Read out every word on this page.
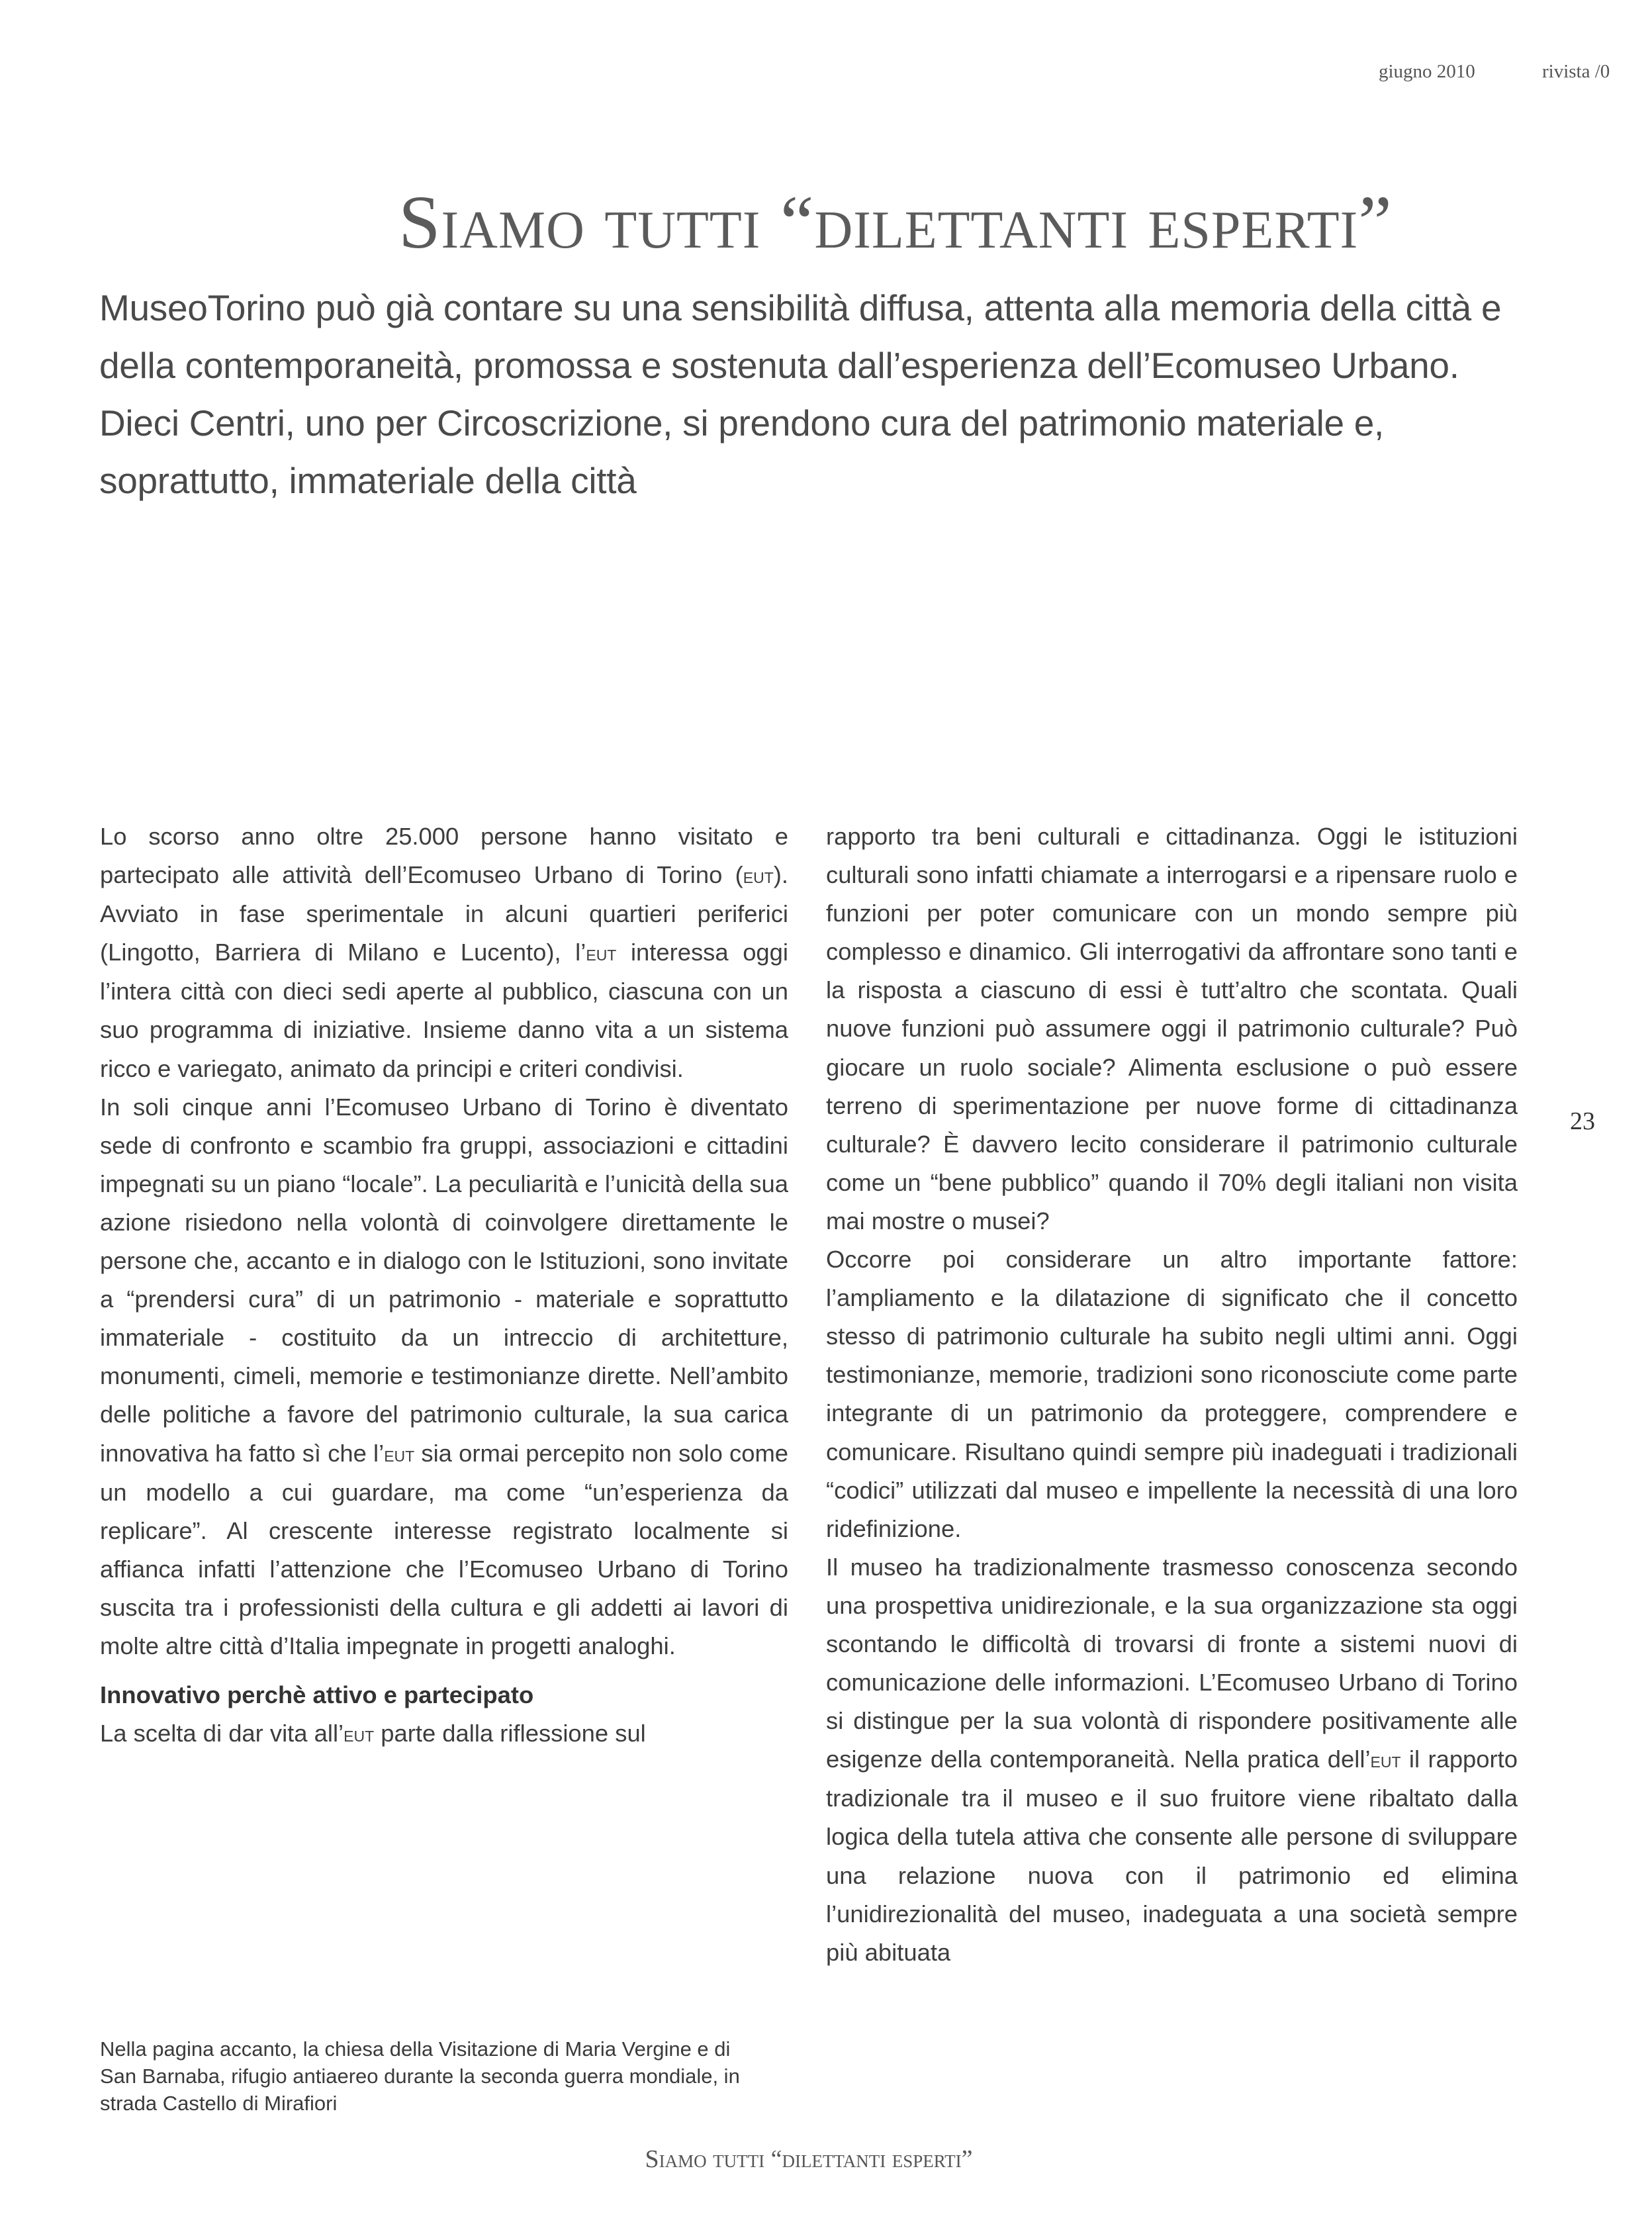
giugno 2010	rivista /0
Siamo tutti “dilettanti esperti”
MuseoTorino può già contare su una sensibilità diffusa, attenta alla memoria della città e della contemporaneità, promossa e sostenuta dall’esperienza dell’Ecomuseo Urbano. Dieci Centri, uno per Circoscrizione, si prendono cura del patrimonio materiale e, soprattutto, immateriale della città

Lo scorso anno oltre 25.000 persone hanno visitato e partecipato alle attività dell’Ecomuseo Urbano di Torino (eut). Avviato in fase sperimentale in alcuni quartieri periferici (Lingotto, Barriera di Milano e Lucento), l’eut interessa oggi l’intera città con dieci sedi aperte al pubblico, ciascuna con un suo programma di iniziative. Insieme danno vita a un sistema ricco e variegato, animato da principi e criteri condivisi.

In soli cinque anni l’Ecomuseo Urbano di Torino è diventato sede di confronto e scambio fra gruppi, associazioni e cittadini impegnati su un piano “locale”. La peculiarità e l’unicità della sua azione risiedono nella volontà di coinvolgere direttamente le persone che, accanto e in dialogo con le Istituzioni, sono invitate a “prendersi cura” di un patrimonio - materiale e soprattutto immateriale - costituito da un intreccio di architetture, monumenti, cimeli, memorie e testimonianze dirette. Nell’ambito delle politiche a favore del patrimonio culturale, la sua carica innovativa ha fatto sì che l’eut sia ormai percepito non solo come un modello a cui guardare, ma come “un’esperienza da replicare”. Al crescente interesse registrato localmente si affianca infatti l’attenzione che l’Ecomuseo Urbano di Torino suscita tra i professionisti della cultura e gli addetti ai lavori di molte altre città d’Italia impegnate in progetti analoghi.

Innovativo perchè attivo e partecipato

La scelta di dar vita all’eut parte dalla riflessione sul

rapporto tra beni culturali e cittadinanza. Oggi le istituzioni culturali sono infatti chiamate a interrogarsi e a ripensare ruolo e funzioni per poter comunicare con un mondo sempre più complesso e dinamico. Gli interrogativi da affrontare sono tanti e la risposta a ciascuno di essi è tutt’altro che scontata. Quali nuove funzioni può assumere oggi il patrimonio culturale? Può giocare un ruolo sociale? Alimenta esclusione o può essere terreno di sperimentazione per nuove forme di cittadinanza culturale? È davvero lecito considerare il patrimonio culturale come un “bene pubblico” quando il 70% degli italiani non visita mai mostre o musei?

Occorre poi considerare un altro importante fattore: l’ampliamento e la dilatazione di significato che il concetto stesso di patrimonio culturale ha subito negli ultimi anni. Oggi testimonianze, memorie, tradizioni sono riconosciute come parte integrante di un patrimonio da proteggere, comprendere e comunicare. Risultano quindi sempre più inadeguati i tradizionali “codici” utilizzati dal museo e impellente la necessità di una loro ridefinizione.

Il museo ha tradizionalmente trasmesso conoscenza secondo una prospettiva unidirezionale, e la sua organizzazione sta oggi scontando le difficoltà di trovarsi di fronte a sistemi nuovi di comunicazione delle informazioni. L’Ecomuseo Urbano di Torino si distingue per la sua volontà di rispondere positivamente alle esigenze della contemporaneità. Nella pratica dell’eut il rapporto tradizionale tra il museo e il suo fruitore viene ribaltato dalla logica della tutela attiva che consente alle persone di sviluppare una relazione nuova con il patrimonio ed elimina l’unidirezionalità del museo, inadeguata a una società sempre più abituata

Nella pagina accanto, la chiesa della Visitazione di Maria Vergine e di San Barnaba, rifugio antiaereo durante la seconda guerra mondiale, in strada Castello di Mirafiori
23
Siamo tutti “dilettanti esperti”
